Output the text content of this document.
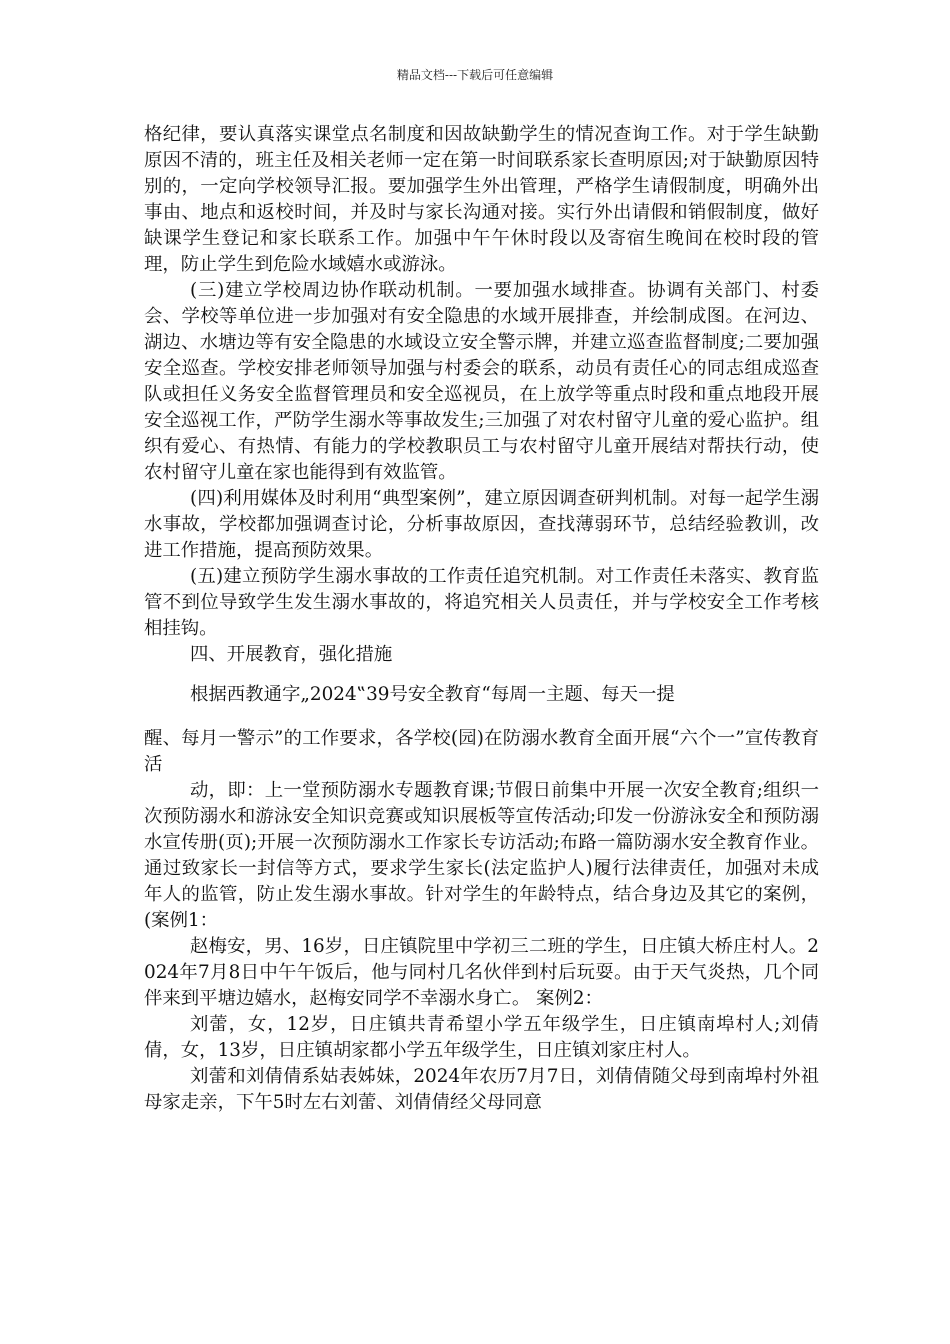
精品文档---下载后可任意编辑

格纪律，要认真落实课堂点名制度和因故缺勤学生的情况查询工作。对于学生缺勤原因不清的，班主任及相关老师一定在第一时间联系家长查明原因;对于缺勤原因特别的，一定向学校领导汇报。要加强学生外出管理，严格学生请假制度，明确外出事由、地点和返校时间，并及时与家长沟通对接。实行外出请假和销假制度，做好缺课学生登记和家长联系工作。加强中午午休时段以及寄宿生晚间在校时段的管理，防止学生到危险水域嬉水或游泳。

(三)建立学校周边协作联动机制。一要加强水域排查。协调有关部门、村委会、学校等单位进一步加强对有安全隐患的水域开展排查，并绘制成图。在河边、湖边、水塘边等有安全隐患的水域设立安全警示牌，并建立巡查监督制度;二要加强安全巡查。学校安排老师领导加强与村委会的联系，动员有责任心的同志组成巡查队或担任义务安全监督管理员和安全巡视员，在上放学等重点时段和重点地段开展安全巡视工作，严防学生溺水等事故发生;三加强了对农村留守儿童的爱心监护。组织有爱心、有热情、有能力的学校教职员工与农村留守儿童开展结对帮扶行动，使农村留守儿童在家也能得到有效监管。

(四)利用媒体及时利用“典型案例”，建立原因调查研判机制。对每一起学生溺水事故，学校都加强调查讨论，分析事故原因，查找薄弱环节，总结经验教训，改进工作措施，提高预防效果。

(五)建立预防学生溺水事故的工作责任追究机制。对工作责任未落实、教育监管不到位导致学生发生溺水事故的，将追究相关人员责任，并与学校安全工作考核相挂钩。

四、开展教育，强化措施

根据西教通字„2024‟39号安全教育“每周一主题、每天一提

醒、每月一警示”的工作要求，各学校(园)在防溺水教育全面开展“六个一”宣传教育活

动，即：上一堂预防溺水专题教育课;节假日前集中开展一次安全教育;组织一次预防溺水和游泳安全知识竞赛或知识展板等宣传活动;印发一份游泳安全和预防溺水宣传册(页);开展一次预防溺水工作家长专访活动;布路一篇防溺水安全教育作业。通过致家长一封信等方式，要求学生家长(法定监护人)履行法律责任，加强对未成年人的监管，防止发生溺水事故。针对学生的年龄特点，结合身边及其它的案例，(案例1：

赵梅安，男、16岁，日庄镇院里中学初三二班的学生，日庄镇大桥庄村人。2024年7月8日中午午饭后，他与同村几名伙伴到村后玩耍。由于天气炎热，几个同伴来到平塘边嬉水，赵梅安同学不幸溺水身亡。 案例2：

刘蕾，女，12岁，日庄镇共青希望小学五年级学生，日庄镇南埠村人;刘倩倩，女，13岁，日庄镇胡家都小学五年级学生，日庄镇刘家庄村人。

刘蕾和刘倩倩系姑表姊妹，2024年农历7月7日，刘倩倩随父母到南埠村外祖母家走亲，下午5时左右刘蕾、刘倩倩经父母同意
